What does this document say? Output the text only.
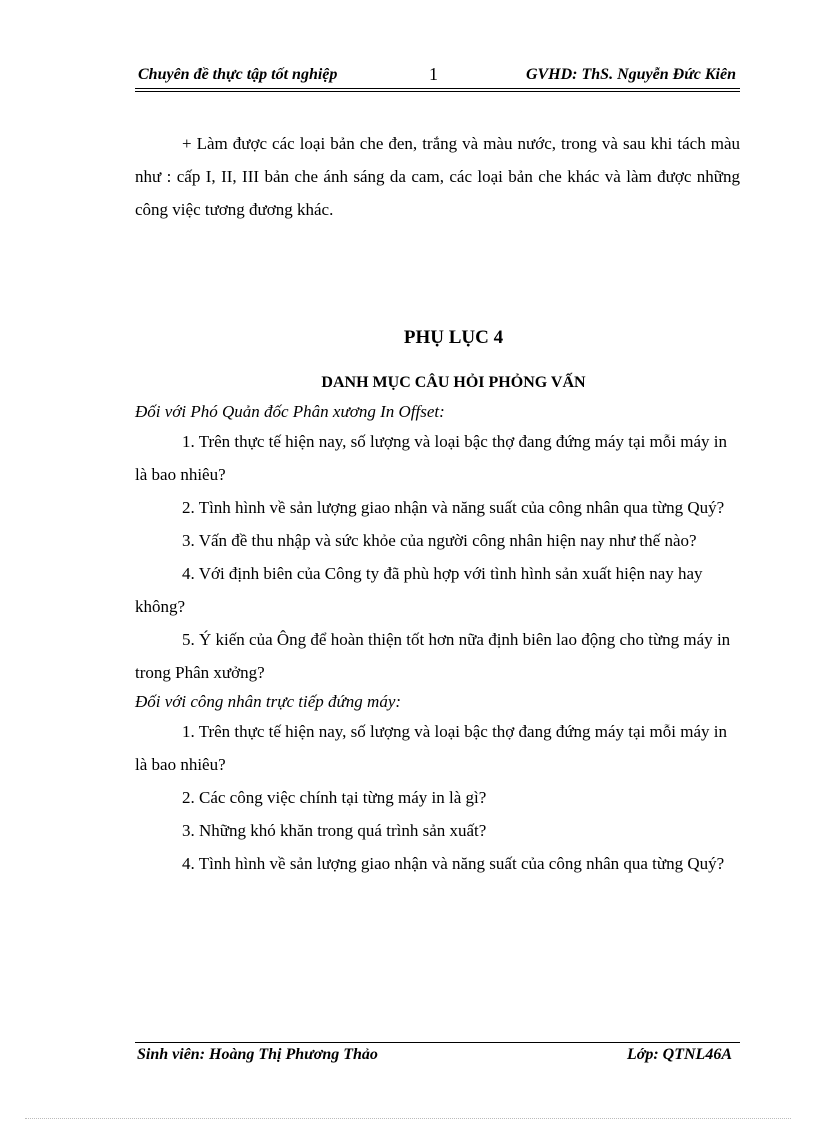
Chuyên đề thực tập tốt nghiệp	1	GVHD: ThS. Nguyễn Đức Kiên

+ Làm được các loại bản che đen, trắng và màu nước, trong và sau khi tách màu như : cấp I, II, III bản che ánh sáng da cam, các loại bản che khác và làm được những công việc tương đương khác.

PHỤ LỤC 4

DANH MỤC CÂU HỎI PHỎNG VẤN

Đối với Phó Quản đốc Phân xương In Offset:

1. Trên thực tế hiện nay, số lượng và loại bậc thợ đang đứng máy tại mỗi máy in là bao nhiêu?

2. Tình hình về sản lượng giao nhận và năng suất của công nhân qua từng Quý?

3. Vấn đề thu nhập và sức khỏe của người công nhân hiện nay như thế nào?

4. Với định biên của Công ty đã phù hợp với tình hình sản xuất hiện nay hay không?

5. Ý kiến của Ông để hoàn thiện tốt hơn nữa định biên lao động cho từng máy in trong Phân xưởng?

Đối với công nhân trực tiếp đứng máy:

1. Trên thực tế hiện nay, số lượng và loại bậc thợ đang đứng máy tại mỗi máy in là bao nhiêu?

2. Các công việc chính tại từng máy in là gì?

3. Những khó khăn trong quá trình sản xuất?

4. Tình hình về sản lượng giao nhận và năng suất của công nhân qua từng Quý?

Sinh viên: Hoàng Thị Phương Thảo	Lớp: QTNL46A
